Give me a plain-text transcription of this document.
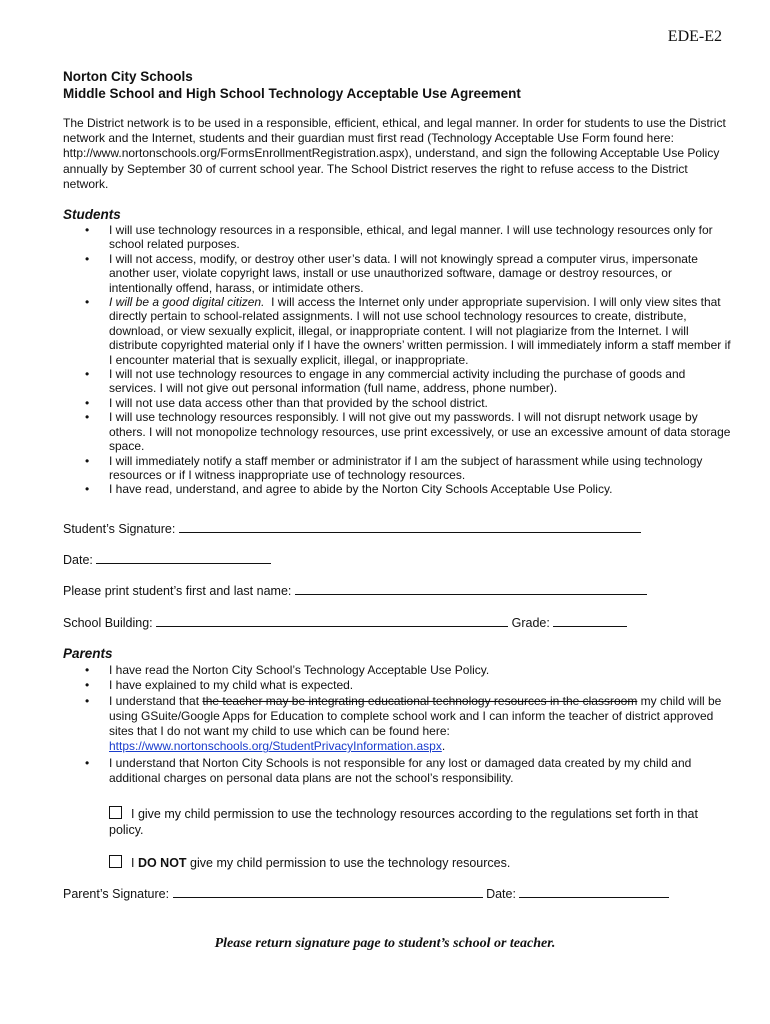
EDE-E2
Norton City Schools
Middle School and High School Technology Acceptable Use Agreement
The District network is to be used in a responsible, efficient, ethical, and legal manner. In order for students to use the District network and the Internet, students and their guardian must first read (Technology Acceptable Use Form found here: http://www.nortonschools.org/FormsEnrollmentRegistration.aspx), understand, and sign the following Acceptable Use Policy annually by September 30 of current school year. The School District reserves the right to refuse access to the District network.
Students
• I will use technology resources in a responsible, ethical, and legal manner. I will use technology resources only for school related purposes.
• I will not access, modify, or destroy other user’s data. I will not knowingly spread a computer virus, impersonate another user, violate copyright laws, install or use unauthorized software, damage or destroy resources, or intentionally offend, harass, or intimidate others.
• I will be a good digital citizen. I will access the Internet only under appropriate supervision. I will only view sites that directly pertain to school-related assignments. I will not use school technology resources to create, distribute, download, or view sexually explicit, illegal, or inappropriate content. I will not plagiarize from the Internet. I will distribute copyrighted material only if I have the owners’ written permission. I will immediately inform a staff member if I encounter material that is sexually explicit, illegal, or inappropriate.
• I will not use technology resources to engage in any commercial activity including the purchase of goods and services. I will not give out personal information (full name, address, phone number).
• I will not use data access other than that provided by the school district.
• I will use technology resources responsibly. I will not give out my passwords. I will not disrupt network usage by others. I will not monopolize technology resources, use print excessively, or use an excessive amount of data storage space.
• I will immediately notify a staff member or administrator if I am the subject of harassment while using technology resources or if I witness inappropriate use of technology resources.
• I have read, understand, and agree to abide by the Norton City Schools Acceptable Use Policy.
Student’s Signature:
Date:
Please print student’s first and last name:
School Building:	Grade:
Parents
• I have read the Norton City School’s Technology Acceptable Use Policy.
• I have explained to my child what is expected.
• I understand that the teacher may be integrating educational technology resources in the classroom my child will be using GSuite/Google Apps for Education to complete school work and I can inform the teacher of district approved sites that I do not want my child to use which can be found here: https://www.nortonschools.org/StudentPrivacyInformation.aspx.
• I understand that Norton City Schools is not responsible for any lost or damaged data created by my child and additional charges on personal data plans are not the school’s responsibility.
I give my child permission to use the technology resources according to the regulations set forth in that policy.
I DO NOT give my child permission to use the technology resources.
Parent’s Signature:	Date:
Please return signature page to student’s school or teacher.
